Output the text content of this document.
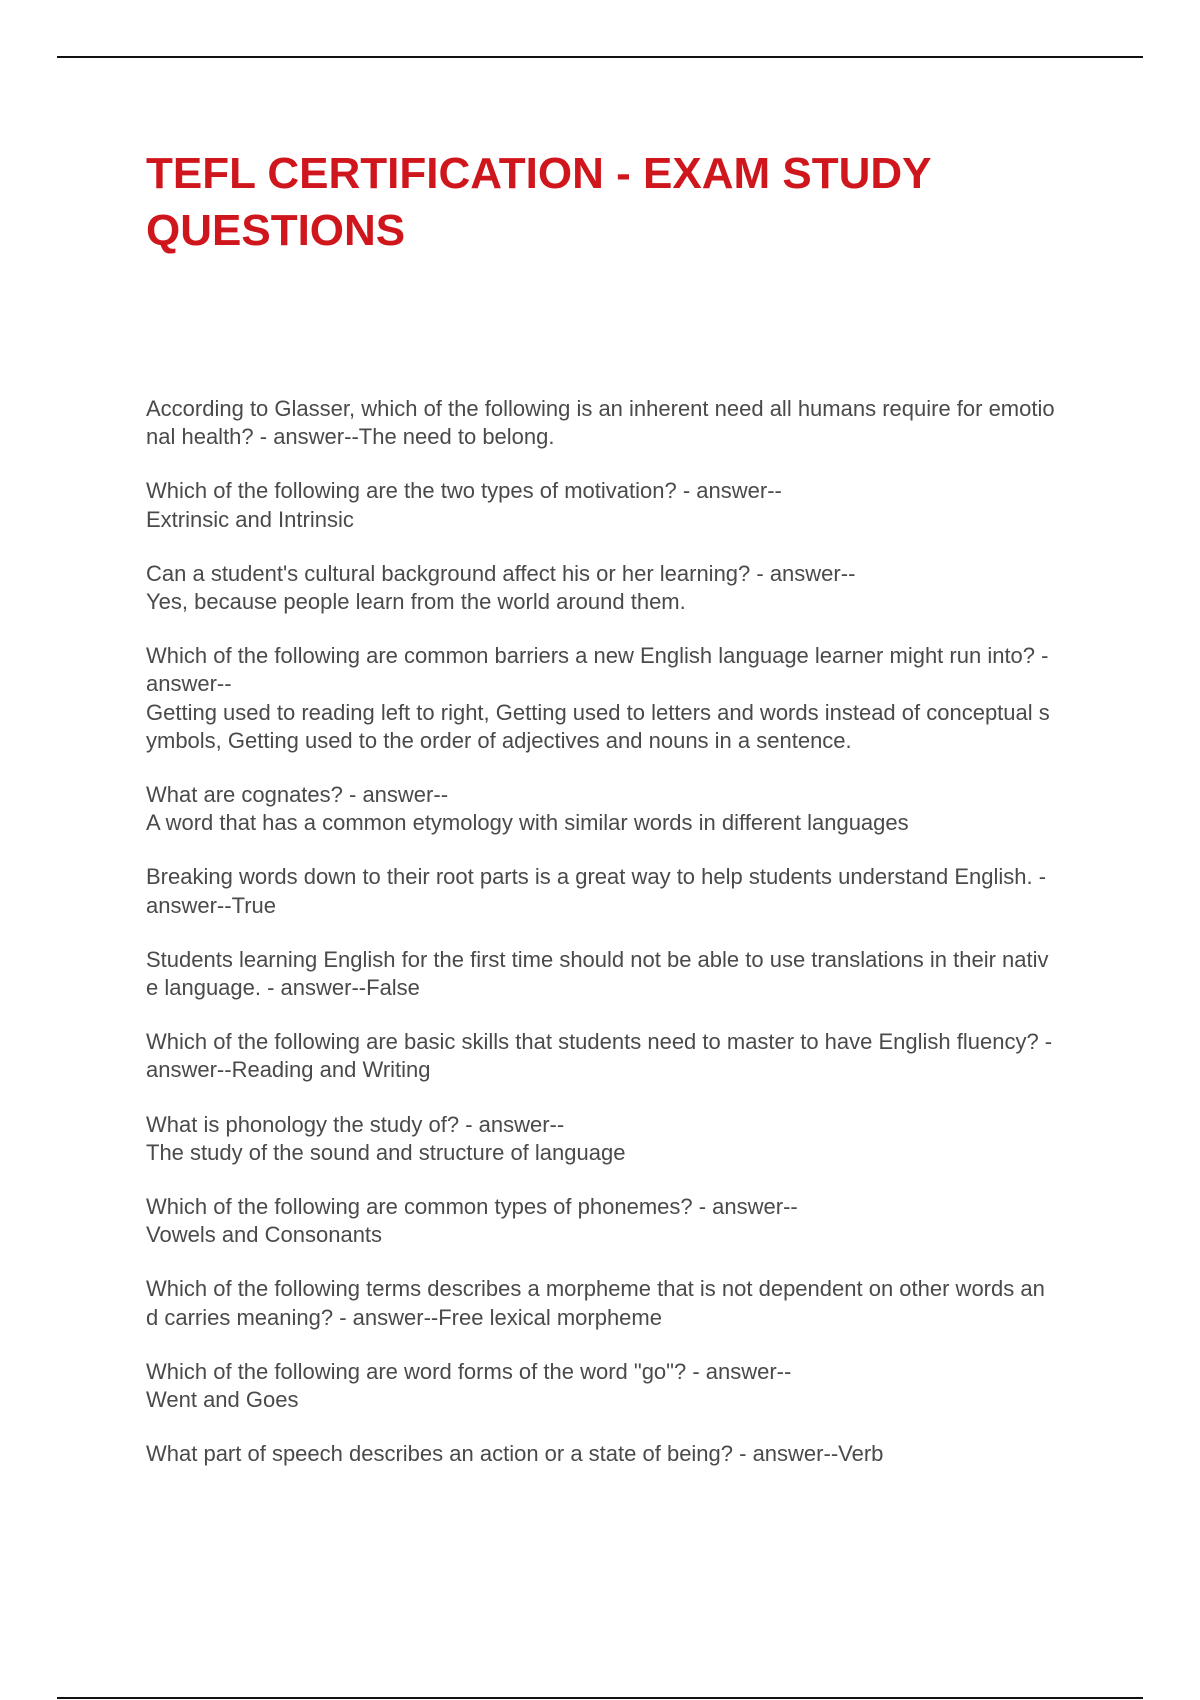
TEFL CERTIFICATION - EXAM STUDY QUESTIONS
According to Glasser, which of the following is an inherent need all humans require for emotional health? - answer--The need to belong.
Which of the following are the two types of motivation? - answer--
Extrinsic and Intrinsic
Can a student's cultural background affect his or her learning? - answer--
Yes, because people learn from the world around them.
Which of the following are common barriers a new English language learner might run into? - answer--
Getting used to reading left to right, Getting used to letters and words instead of conceptual symbols, Getting used to the order of adjectives and nouns in a sentence.
What are cognates? - answer--
A word that has a common etymology with similar words in different languages
Breaking words down to their root parts is a great way to help students understand English. - answer--True
Students learning English for the first time should not be able to use translations in their native language. - answer--False
Which of the following are basic skills that students need to master to have English fluency? - answer--Reading and Writing
What is phonology the study of? - answer--
The study of the sound and structure of language
Which of the following are common types of phonemes? - answer--
Vowels and Consonants
Which of the following terms describes a morpheme that is not dependent on other words and carries meaning? - answer--Free lexical morpheme
Which of the following are word forms of the word "go"? - answer--
Went and Goes
What part of speech describes an action or a state of being? - answer--Verb
